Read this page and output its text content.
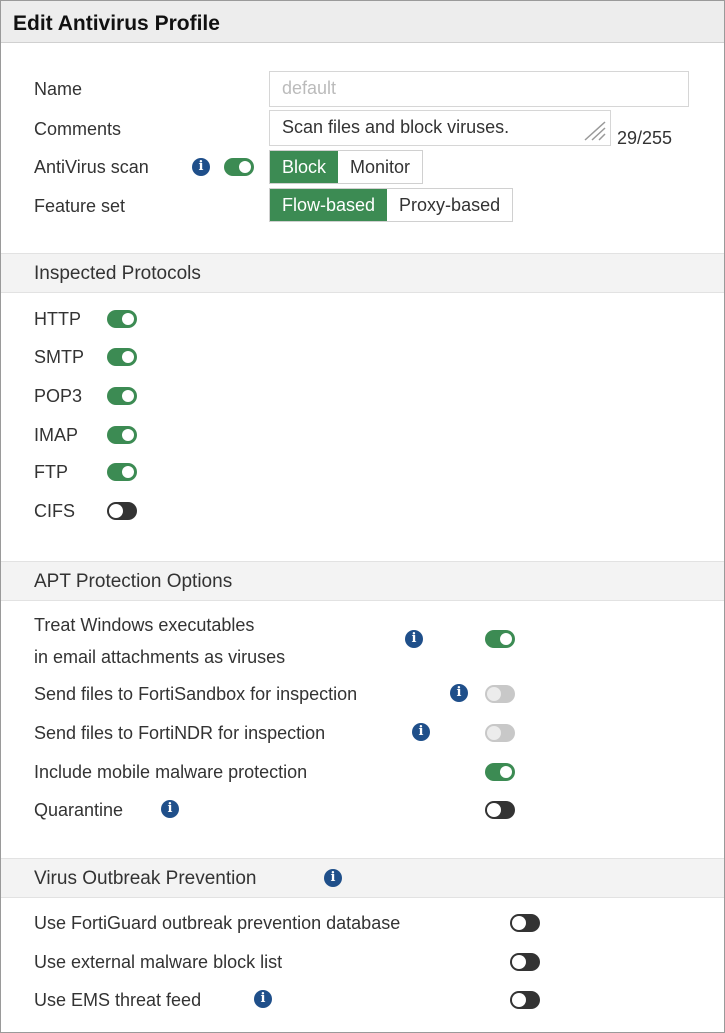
Edit Antivirus Profile
Name	default
Comments	Scan files and block viruses.
29/255
AntiVirus scan	i	Block	Monitor
Feature set	Flow-based	Proxy-based
Inspected Protocols
HTTP
SMTP
POP3
IMAP
FTP
CIFS
APT Protection Options
Treat Windows executables
in email attachments as viruses
i
Send files to FortiSandbox for inspection	i
Send files to FortiNDR for inspection	i
Include mobile malware protection
Quarantine	i
Virus Outbreak Prevention	i
Use FortiGuard outbreak prevention database
Use external malware block list
Use EMS threat feed	i
